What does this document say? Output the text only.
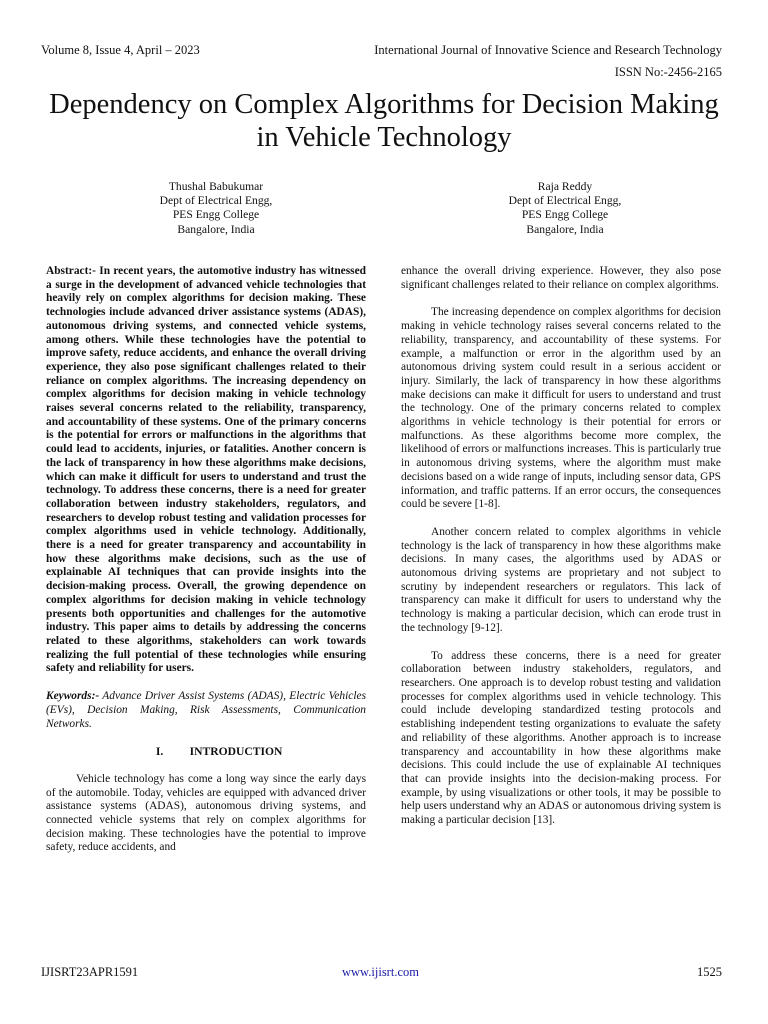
Volume 8, Issue 4, April – 2023	International Journal of Innovative Science and Research Technology
ISSN No:-2456-2165
Dependency on Complex Algorithms for Decision Making in Vehicle Technology
Thushal Babukumar
Dept of Electrical Engg,
PES Engg College
Bangalore, India
Raja Reddy
Dept of Electrical Engg,
PES Engg College
Bangalore, India

Abstract:- In recent years, the automotive industry has witnessed a surge in the development of advanced vehicle technologies that heavily rely on complex algorithms for decision making. These technologies include advanced driver assistance systems (ADAS), autonomous driving systems, and connected vehicle systems, among others. While these technologies have the potential to improve safety, reduce accidents, and enhance the overall driving experience, they also pose significant challenges related to their reliance on complex algorithms. The increasing dependency on complex algorithms for decision making in vehicle technology raises several concerns related to the reliability, transparency, and accountability of these systems. One of the primary concerns is the potential for errors or malfunctions in the algorithms that could lead to accidents, injuries, or fatalities. Another concern is the lack of transparency in how these algorithms make decisions, which can make it difficult for users to understand and trust the technology. To address these concerns, there is a need for greater collaboration between industry stakeholders, regulators, and researchers to develop robust testing and validation processes for complex algorithms used in vehicle technology. Additionally, there is a need for greater transparency and accountability in how these algorithms make decisions, such as the use of explainable AI techniques that can provide insights into the decision-making process. Overall, the growing dependence on complex algorithms for decision making in vehicle technology presents both opportunities and challenges for the automotive industry. This paper aims to details by addressing the concerns related to these algorithms, stakeholders can work towards realizing the full potential of these technologies while ensuring safety and reliability for users.

Keywords:- Advance Driver Assist Systems (ADAS), Electric Vehicles (EVs), Decision Making, Risk Assessments, Communication Networks.

I. INTRODUCTION

Vehicle technology has come a long way since the early days of the automobile. Today, vehicles are equipped with advanced driver assistance systems (ADAS), autonomous driving systems, and connected vehicle systems that rely on complex algorithms for decision making. These technologies have the potential to improve safety, reduce accidents, and

enhance the overall driving experience. However, they also pose significant challenges related to their reliance on complex algorithms.

The increasing dependence on complex algorithms for decision making in vehicle technology raises several concerns related to the reliability, transparency, and accountability of these systems. For example, a malfunction or error in the algorithm used by an autonomous driving system could result in a serious accident or injury. Similarly, the lack of transparency in how these algorithms make decisions can make it difficult for users to understand and trust the technology. One of the primary concerns related to complex algorithms in vehicle technology is their potential for errors or malfunctions. As these algorithms become more complex, the likelihood of errors or malfunctions increases. This is particularly true in autonomous driving systems, where the algorithm must make decisions based on a wide range of inputs, including sensor data, GPS information, and traffic patterns. If an error occurs, the consequences could be severe [1-8].

Another concern related to complex algorithms in vehicle technology is the lack of transparency in how these algorithms make decisions. In many cases, the algorithms used by ADAS or autonomous driving systems are proprietary and not subject to scrutiny by independent researchers or regulators. This lack of transparency can make it difficult for users to understand why the technology is making a particular decision, which can erode trust in the technology [9-12].

To address these concerns, there is a need for greater collaboration between industry stakeholders, regulators, and researchers. One approach is to develop robust testing and validation processes for complex algorithms used in vehicle technology. This could include developing standardized testing protocols and establishing independent testing organizations to evaluate the safety and reliability of these algorithms. Another approach is to increase transparency and accountability in how these algorithms make decisions. This could include the use of explainable AI techniques that can provide insights into the decision-making process. For example, by using visualizations or other tools, it may be possible to help users understand why an ADAS or autonomous driving system is making a particular decision [13].

IJISRT23APR1591	www.ijisrt.com	1525
